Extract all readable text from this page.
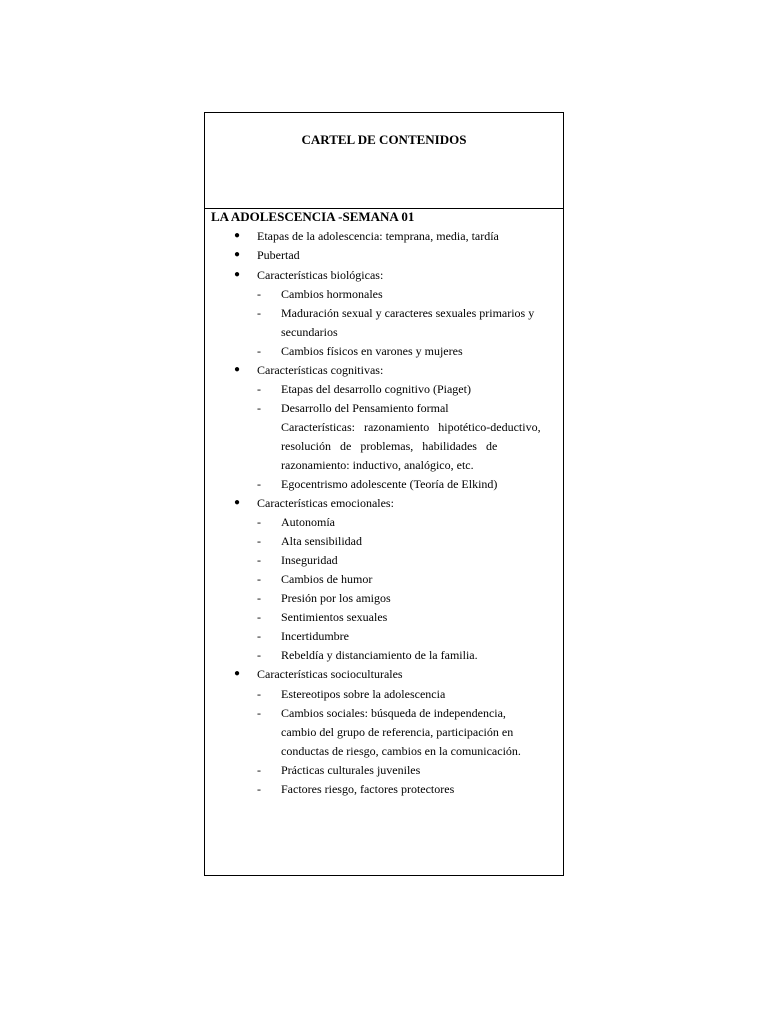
CARTEL DE CONTENIDOS
LA ADOLESCENCIA -SEMANA 01
● Etapas de la adolescencia: temprana, media, tardía
● Pubertad
● Características biológicas:
- Cambios hormonales
- Maduración sexual y caracteres sexuales primarios y
secundarios
- Cambios físicos en varones y mujeres
● Características cognitivas:
- Etapas del desarrollo cognitivo (Piaget)
- Desarrollo del Pensamiento formal
Características:   razonamiento   hipotético-deductivo,
resolución   de   problemas,   habilidades   de
razonamiento: inductivo, analógico, etc.
- Egocentrismo adolescente (Teoría de Elkind)
● Características emocionales:
- Autonomía
- Alta sensibilidad
- Inseguridad
- Cambios de humor
- Presión por los amigos
- Sentimientos sexuales
- Incertidumbre
- Rebeldía y distanciamiento de la familia.
● Características socioculturales
- Estereotipos sobre la adolescencia
- Cambios sociales: búsqueda de independencia,
cambio del grupo de referencia, participación en
conductas de riesgo, cambios en la comunicación.
- Prácticas culturales juveniles
- Factores riesgo, factores protectores
